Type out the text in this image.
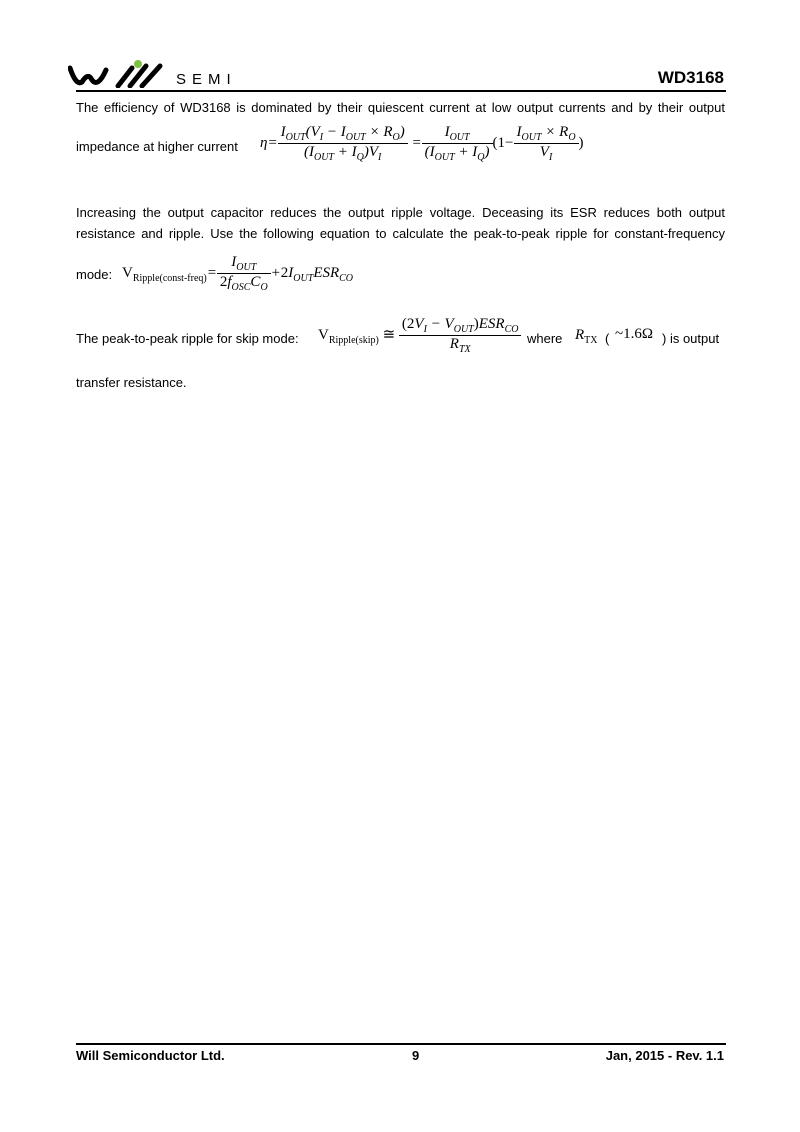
SEMI	WD3168
The efficiency of WD3168 is dominated by their quiescent current at low output currents and by their output
impedance at higher current $\eta= \frac{I_{OUT}(V_I - I_{OUT} \times R_O)}{(I_{OUT} + I_Q)V_I} = \frac{I_{OUT}}{(I_{OUT} + I_Q)} (1- \frac{I_{OUT} \times R_O}{V_I}$ )
Increasing the output capacitor reduces the output ripple voltage. Deceasing its ESR reduces both output
resistance and ripple. Use the following equation to calculate the peak-to-peak ripple for constant-frequency
mode: $V_{Ripple(const-freq)}= \frac{I_{OUT}}{2f_{OSC}C_O} +2I_{OUT}ESR_{CO}$
The peak-to-peak ripple for skip mode: $V_{Ripple(skip)}$ ≅ $\frac{(2V_I - V_{OUT})ESR_{CO}}{R_{TX}}$ where $R_{TX}$ ( ~1.6Ω ) is output
transfer resistance.
Will Semiconductor Ltd.	9	Jan, 2015 - Rev. 1.1
